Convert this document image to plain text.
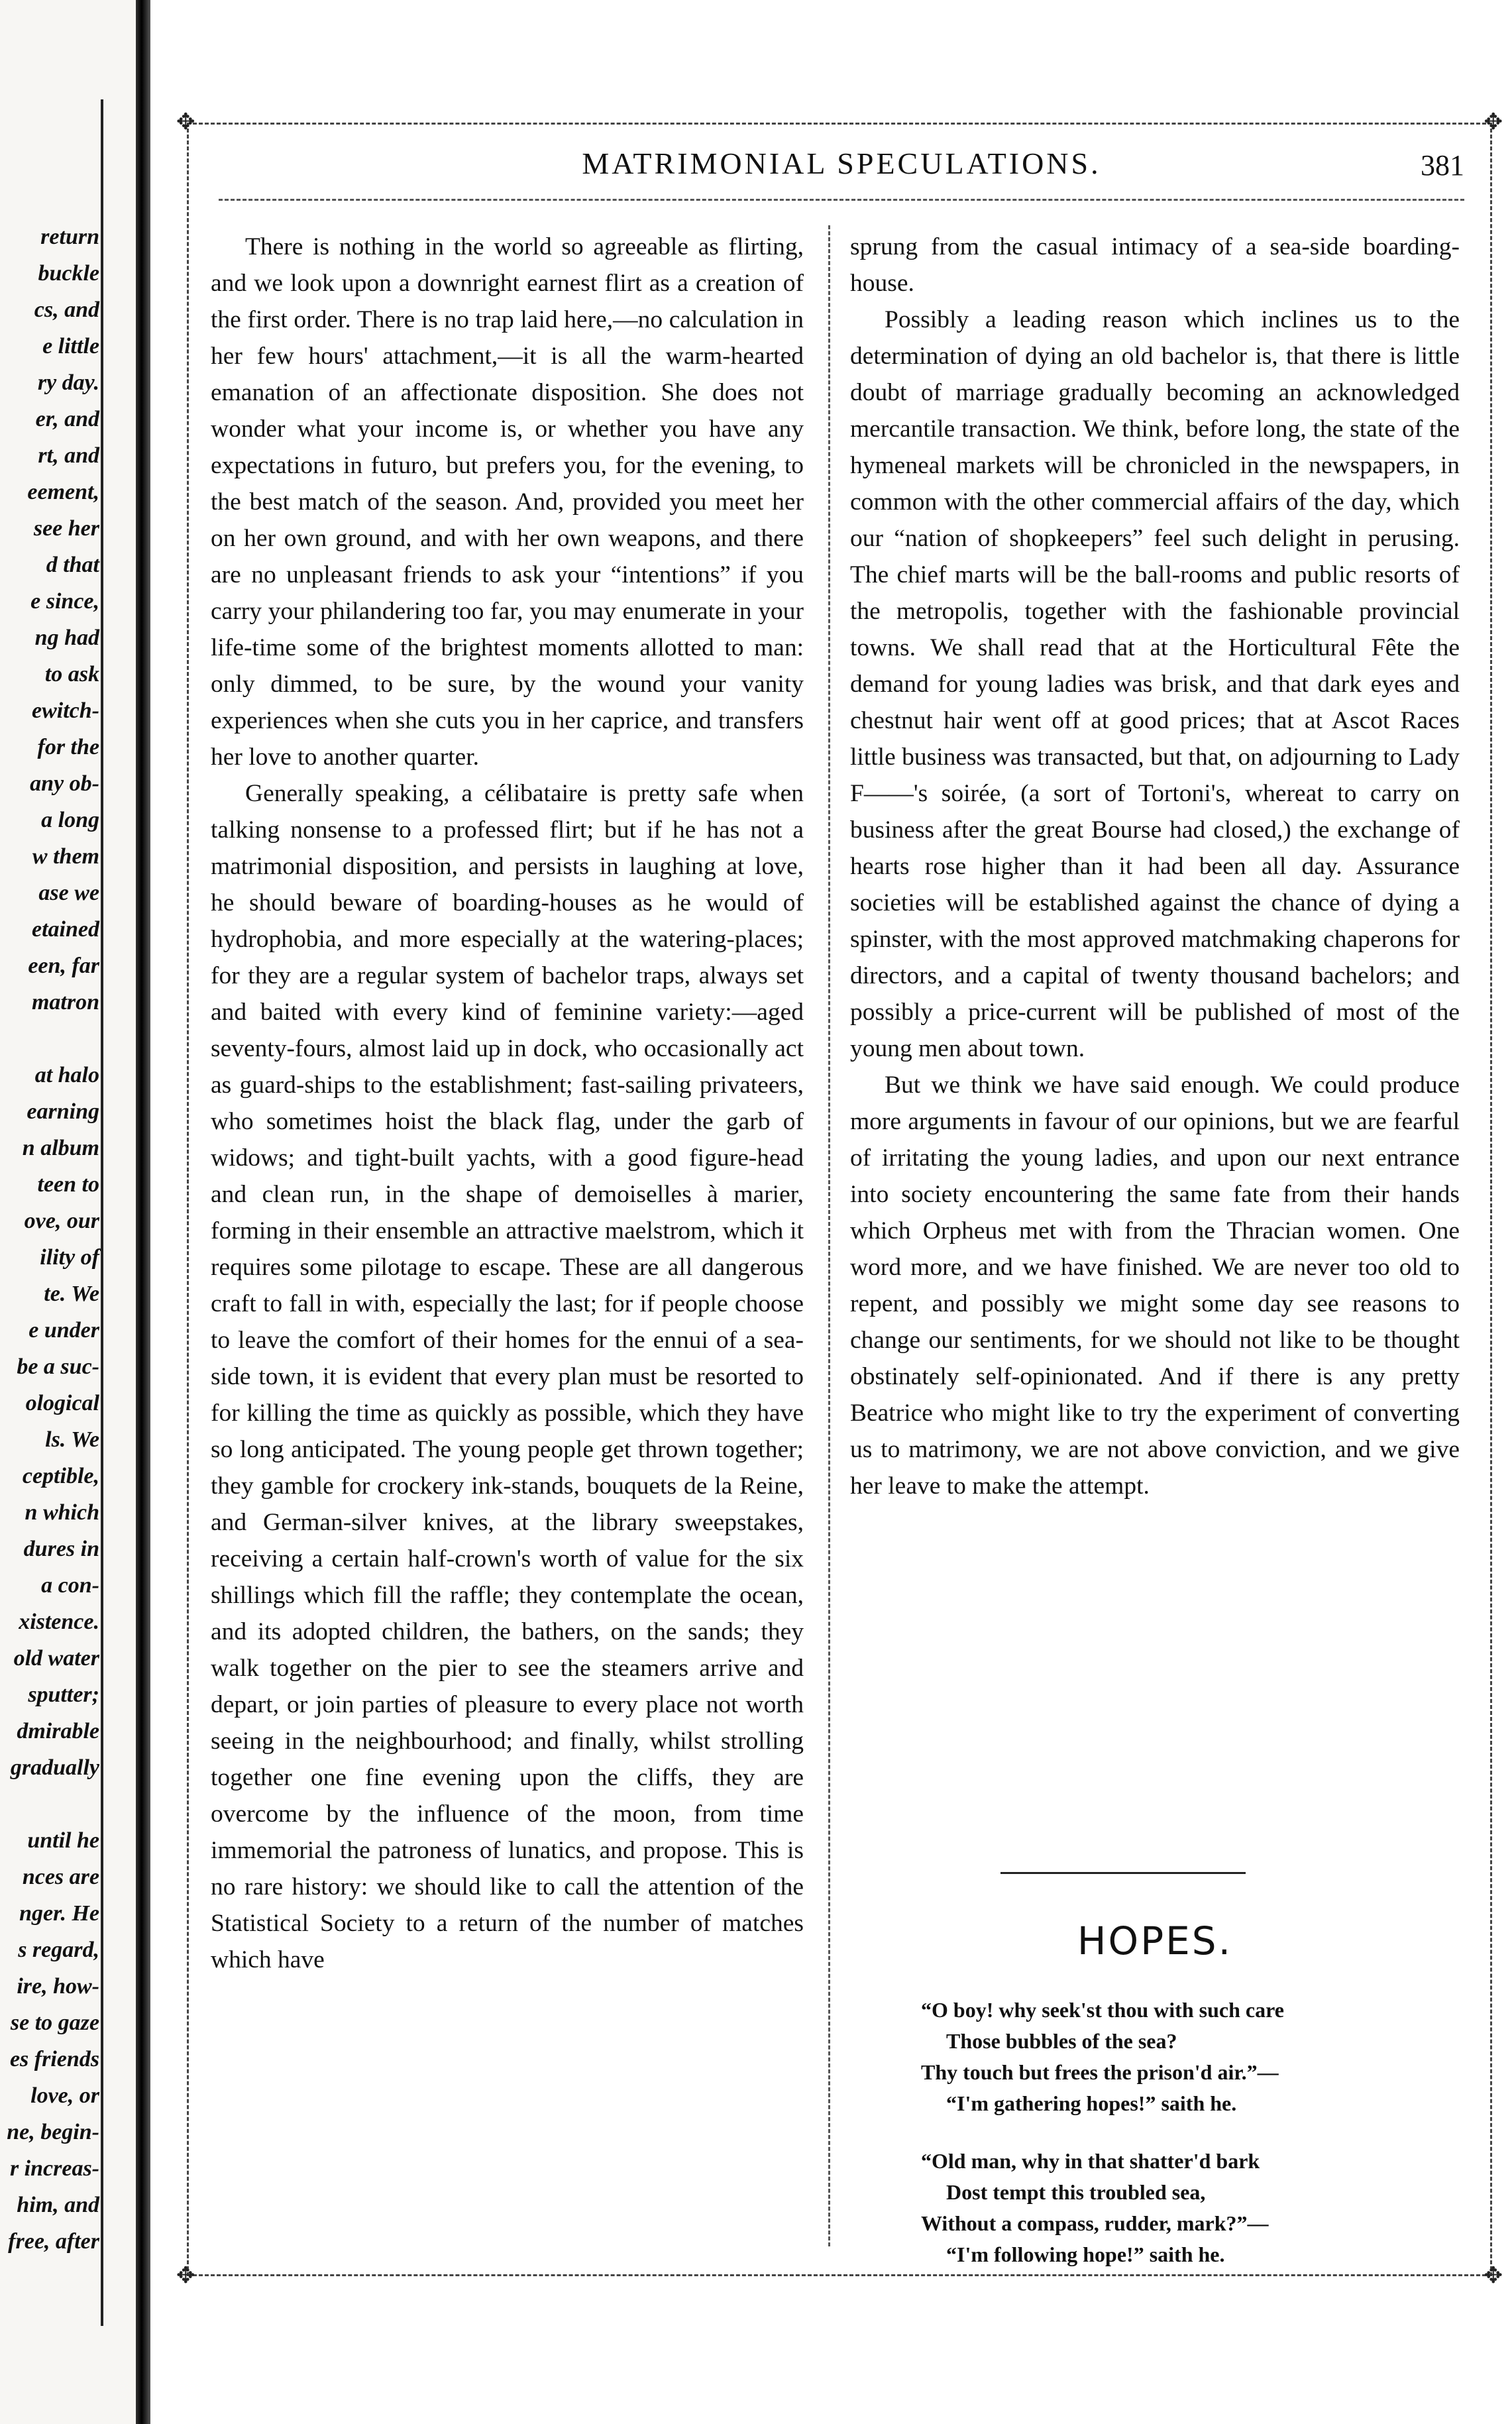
return
buckle
cs, and
e little
ry day.
er, and
rt, and
eement,
see her
d that
e since,
ng had
to ask
ewitch-
for the
any ob-
a long
w them
ase we
etained
een, far
matron

at halo
earning
n album
teen to
ove, our
ility of
te. We
e under
be a suc-
ological
ls. We
ceptible,
n which
dures in
a con-
xistence.
old water
sputter;
dmirable
gradually

until he
nces are
nger. He
s regard,
ire, how-
se to gaze
es friends
love, or
ne, begin-
r increas-
him, and
free, after
✥	✥
✥	✥
MATRIMONIAL SPECULATIONS.	381

There is nothing in the world so agreeable as flirting, and we look upon a downright earnest flirt as a creation of the first order. There is no trap laid here,—no calculation in her few hours' attachment,—it is all the warm-hearted emanation of an affectionate disposition. She does not wonder what your income is, or whether you have any expectations in futuro, but prefers you, for the evening, to the best match of the season. And, provided you meet her on her own ground, and with her own weapons, and there are no unpleasant friends to ask your “intentions” if you carry your philandering too far, you may enumerate in your life-time some of the brightest moments allotted to man: only dimmed, to be sure, by the wound your vanity experiences when she cuts you in her caprice, and transfers her love to another quarter.

Generally speaking, a célibataire is pretty safe when talking nonsense to a professed flirt; but if he has not a matrimonial disposition, and persists in laughing at love, he should beware of boarding-houses as he would of hydrophobia, and more especially at the watering-places; for they are a regular system of bachelor traps, always set and baited with every kind of feminine variety:—aged seventy-fours, almost laid up in dock, who occasionally act as guard-ships to the establishment; fast-sailing privateers, who sometimes hoist the black flag, under the garb of widows; and tight-built yachts, with a good figure-head and clean run, in the shape of demoiselles à marier, forming in their ensemble an attractive maelstrom, which it requires some pilotage to escape. These are all dangerous craft to fall in with, especially the last; for if people choose to leave the comfort of their homes for the ennui of a sea-side town, it is evident that every plan must be resorted to for killing the time as quickly as possible, which they have so long anticipated. The young people get thrown together; they gamble for crockery ink-stands, bouquets de la Reine, and German-silver knives, at the library sweepstakes, receiving a certain half-crown's worth of value for the six shillings which fill the raffle; they contemplate the ocean, and its adopted children, the bathers, on the sands; they walk together on the pier to see the steamers arrive and depart, or join parties of pleasure to every place not worth seeing in the neighbourhood; and finally, whilst strolling together one fine evening upon the cliffs, they are overcome by the influence of the moon, from time immemorial the patroness of lunatics, and propose. This is no rare history: we should like to call the attention of the Statistical Society to a return of the number of matches which have

sprung from the casual intimacy of a sea-side boarding-house.

Possibly a leading reason which inclines us to the determination of dying an old bachelor is, that there is little doubt of marriage gradually becoming an acknowledged mercantile transaction. We think, before long, the state of the hymeneal markets will be chronicled in the newspapers, in common with the other commercial affairs of the day, which our “nation of shopkeepers” feel such delight in perusing. The chief marts will be the ball-rooms and public resorts of the metropolis, together with the fashionable provincial towns. We shall read that at the Horticultural Fête the demand for young ladies was brisk, and that dark eyes and chestnut hair went off at good prices; that at Ascot Races little business was transacted, but that, on adjourning to Lady F——'s soirée, (a sort of Tortoni's, whereat to carry on business after the great Bourse had closed,) the exchange of hearts rose higher than it had been all day. Assurance societies will be established against the chance of dying a spinster, with the most approved matchmaking chaperons for directors, and a capital of twenty thousand bachelors; and possibly a price-current will be published of most of the young men about town.

But we think we have said enough. We could produce more arguments in favour of our opinions, but we are fearful of irritating the young ladies, and upon our next entrance into society encountering the same fate from their hands which Orpheus met with from the Thracian women. One word more, and we have finished. We are never too old to repent, and possibly we might some day see reasons to change our sentiments, for we should not like to be thought obstinately self-opinionated. And if there is any pretty Beatrice who might like to try the experiment of converting us to matrimony, we are not above conviction, and we give her leave to make the attempt.

HOPES.
“O boy! why seek'st thou with such care
Those bubbles of the sea?
Thy touch but frees the prison'd air.”—
“I'm gathering hopes!” saith he.
“Old man, why in that shatter'd bark
Dost tempt this troubled sea,
Without a compass, rudder, mark?”—
“I'm following hope!” saith he.
